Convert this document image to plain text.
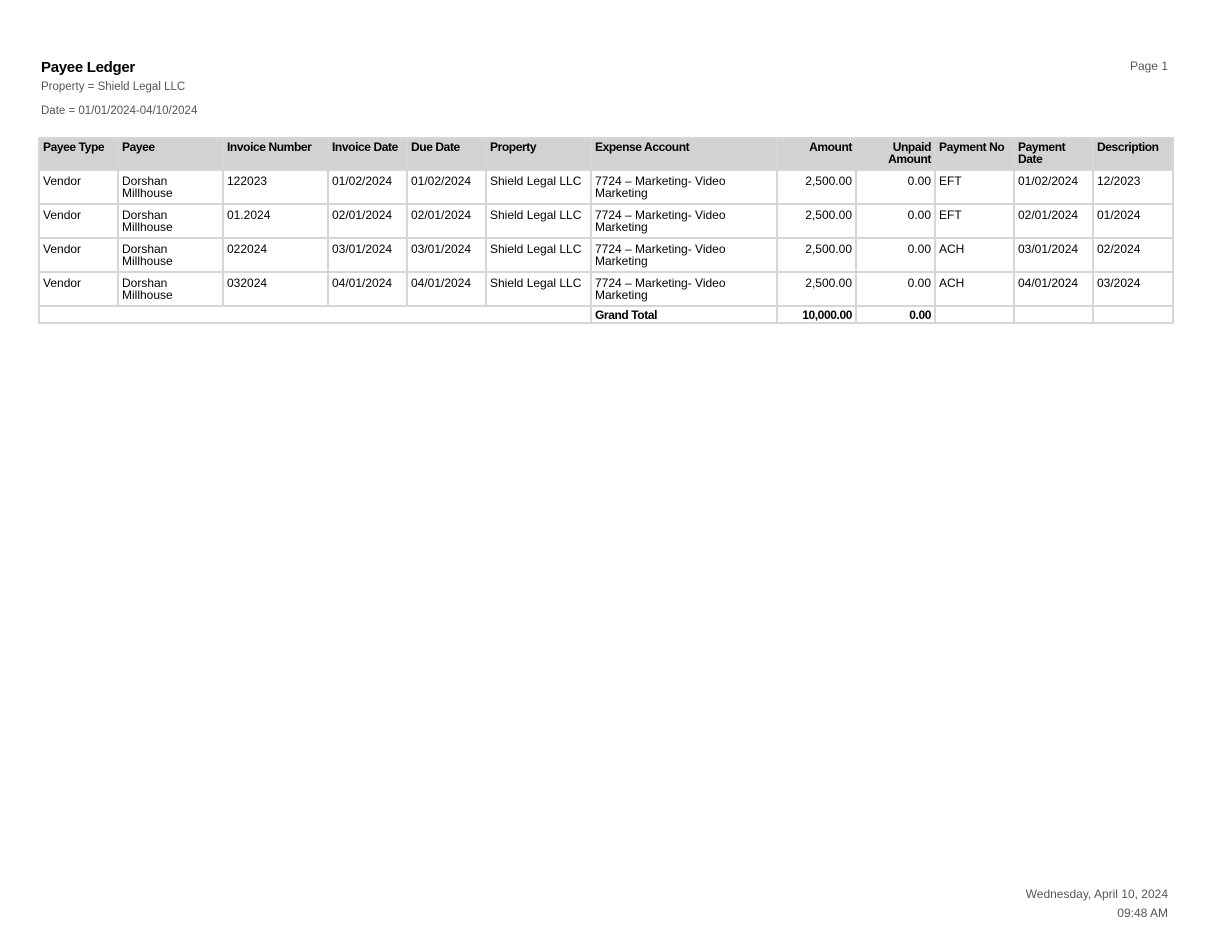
Payee Ledger
Property = Shield Legal LLC
Date = 01/01/2024-04/10/2024
Page 1
Payee Type	Payee	Invoice Number	Invoice Date	Due Date	Property	Expense Account	Amount	Unpaid Amount	Payment No	Payment Date	Description
Vendor	Dorshan Millhouse	122023	01/02/2024	01/02/2024	Shield Legal LLC	7724 – Marketing- Video Marketing	2,500.00	0.00	EFT	01/02/2024	12/2023
Vendor	Dorshan Millhouse	01.2024	02/01/2024	02/01/2024	Shield Legal LLC	7724 – Marketing- Video Marketing	2,500.00	0.00	EFT	02/01/2024	01/2024
Vendor	Dorshan Millhouse	022024	03/01/2024	03/01/2024	Shield Legal LLC	7724 – Marketing- Video Marketing	2,500.00	0.00	ACH	03/01/2024	02/2024
Vendor	Dorshan Millhouse	032024	04/01/2024	04/01/2024	Shield Legal LLC	7724 – Marketing- Video Marketing	2,500.00	0.00	ACH	04/01/2024	03/2024
						Grand Total	10,000.00	0.00			
Wednesday, April 10, 2024
09:48 AM
